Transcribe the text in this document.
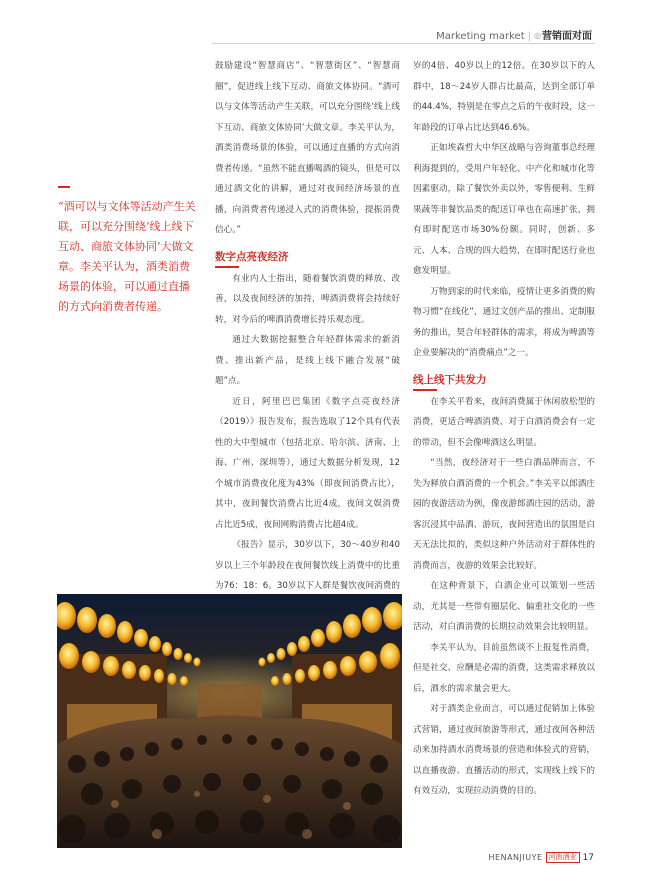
Marketing market | ◎营销面对面
“酒可以与文体等活动产生关联，可以充分围绕‘线上线下互动、商旅文体协同’大做文章。李关平认为，酒类消费场景的体验，可以通过直播的方式向消费者传递。

鼓励建设“智慧商店”、“智慧街区”、“智慧商圈”，促进线上线下互动、商旅文体协同。“酒可以与文体等活动产生关联，可以充分围绕‘线上线下互动、商旅文体协同’大做文章。李关平认为，酒类消费场景的体验，可以通过直播的方式向消费者传递。“虽然不能直播喝酒的镜头，但是可以通过酒文化的讲解，通过对夜间经济场景的直播，向消费者传递浸入式的消费体验，提振消费信心。”

数字点亮夜经济

有业内人士指出，随着餐饮消费的释放、改善，以及夜间经济的加持，啤酒消费将会持续好转，对今后的啤酒消费增长持乐观态度。

通过大数据挖掘整合年轻群体需求的新消费、推出新产品，是线上线下融合发展“破题”点。

近日，阿里巴巴集团《数字点亮夜经济（2019）》报告发布，报告选取了12个具有代表性的大中型城市（包括北京、哈尔滨、济南、上海、广州、深圳等），通过大数据分析发现，12个城市消费夜化度为43%（即夜间消费占比），其中，夜间餐饮消费占比近4成，夜间文娱消费占比近5成，夜间网购消费占比超4成。

《报告》显示，30岁以下，30～40岁和40岁以上三个年龄段在夜间餐饮线上消费中的比重为76：18：6。30岁以下人群是餐饮夜间消费的

岁的4倍、40岁以上的12倍。在30岁以下的人群中，18～24岁人群占比最高，达到全部订单的44.4%，特别是在零点之后的午夜时段，这一年龄段的订单占比达到46.6%。

正如埃森哲大中华区战略与咨询董事总经理利海提到的，受用户年轻化、中产化和城市化等因素驱动，除了餐饮外卖以外，零售便利、生鲜果蔬等非餐饮品类的配送订单也在高速扩张，拥有即时配送市场30%份额。同时，创新、多元、人本、合规的四大趋势，在即时配送行业也愈发明显。

万物到家的时代来临，疫情让更多消费的购物习惯“在线化”，通过文创产品的推出、定制服务的推出，契合年轻群体的需求，将成为啤酒等企业要解决的“消费痛点”之一。

线上线下共发力

在李关平看来，夜间消费属于休闲放松型的消费，更适合啤酒消费，对于白酒消费会有一定的带动，但不会像啤酒这么明显。

“当然，夜经济对于一些白酒品牌而言，不失为释放白酒消费的一个机会。”李关平以郎酒庄园的夜游活动为例，像夜游郎酒庄园的活动，游客沉浸其中品酒、游玩，夜间营造出的氛围是白天无法比拟的，类似这种户外活动对于群体性的消费而言，夜游的效果会比较好。

在这种背景下，白酒企业可以策划一些活动，尤其是一些带有圈层化、偏重社交化的一些活动，对白酒消费的长期拉动效果会比较明显。

李关平认为，目前虽然谈不上报复性消费，但是社交、应酬是必需的消费，这类需求释放以后，酒水的需求量会更大。

对于酒类企业而言，可以通过促销加上体验式营销，通过夜间旅游等形式，通过夜间各种活动来加持酒水消费场景的营造和体验式的营销，以直播夜游、直播活动的形式，实现线上线下的有效互动，实现拉动消费的目的。

HENANJIUYE 河南酒业 17
